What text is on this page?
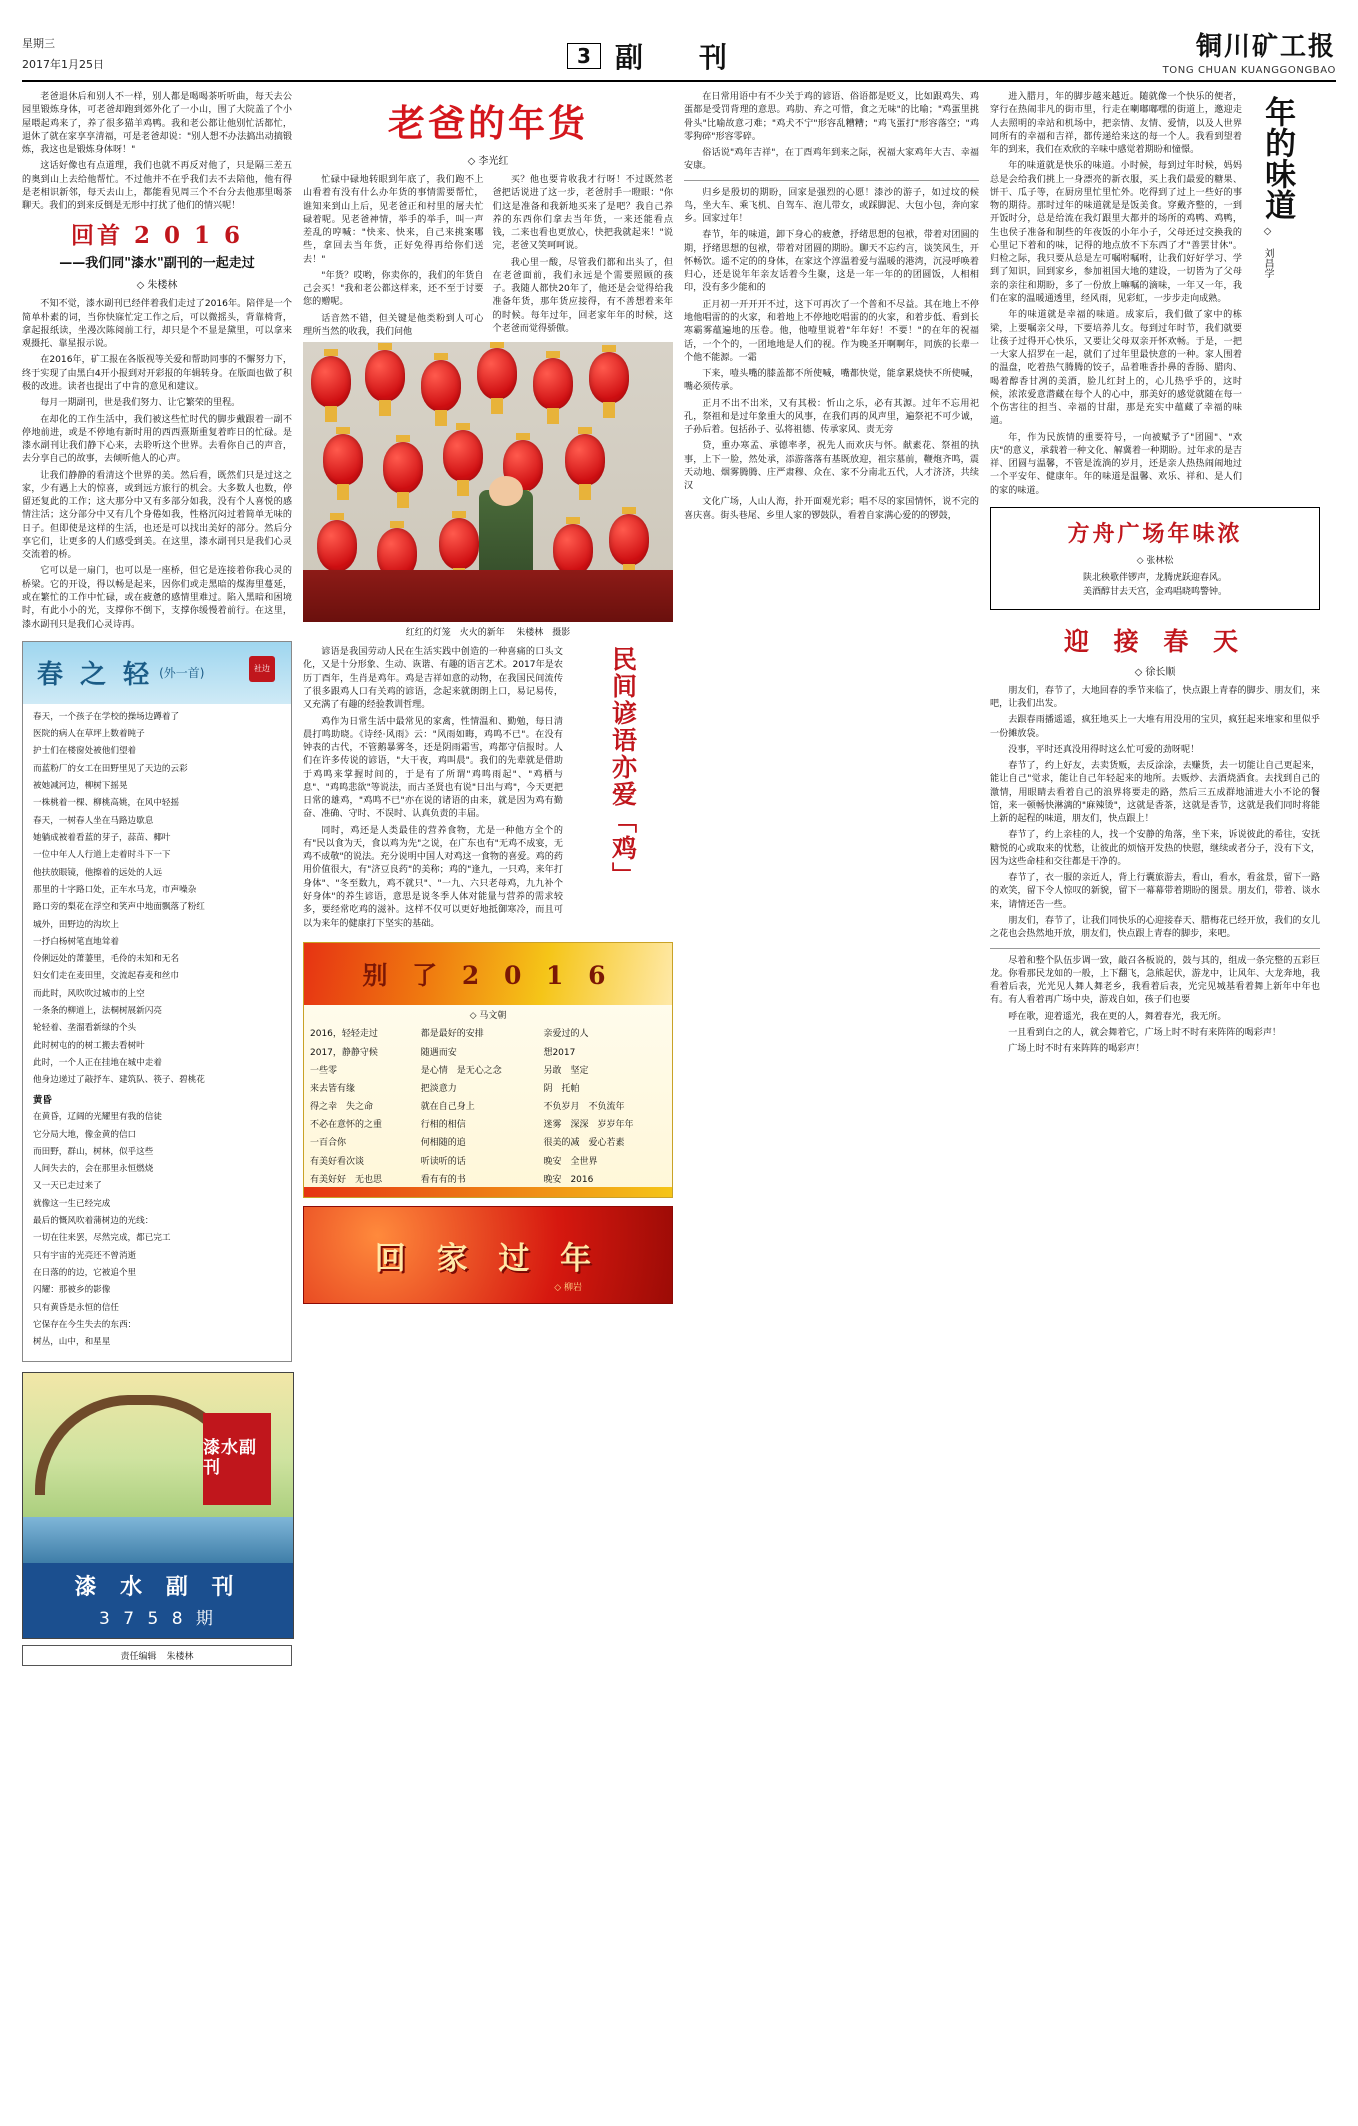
星期三
2017年1月25日	3 副　刊	铜川矿工报
TONG CHUAN KUANGGONGBAO
年的味道
◇ 刘昌学

老爸退休后和别人不一样，别人都是喝喝茶听听曲，每天去公园里锻炼身体，可老爸却跑到郊外化了一小山，围了大院盖了个小屋喂起鸡来了，养了很多猫羊鸡鸭。我和老公都让他别忙活都忙，退休了就在家享享清福，可是老爸却说："别人想不办法搞出动搞锻炼，我这也是锻炼身体呀！"

这话好像也有点道理，我们也就不再反对他了，只是隔三差五的奥到山上去给他帮忙。不过他并不在乎我们去不去陪他，他有得是老相识新邻，每天去山上，都能看见周三个不台分去他那里喝茶聊天。我们的到来反倒是无形中打扰了他们的情兴呢！

回首 2 0 1 6
——我们同"漆水"副刊的一起走过
◇ 朱楼林

不知不觉，漆水副刊已经伴着我们走过了2016年。陪伴是一个简单朴素的词，当你快寐忙定工作之后，可以微摇头，背靠椅背，拿起报纸读，坐漫次陈阅前工行，却只是个不显是黛里，可以拿来观摄托、靠星报示说。

在2016年，矿工报在各版视等关爱和帮助同事的不懈努力下，终于实现了由黑白4开小报到对开彩报的年辑转身。在版面也做了积极的改进。读者也提出了中肯的意见和建议。

每月一期副刊，世是我们努力、让它繁荣的里程。

在却化的工作生活中，我们被这些忙时代的脚步戴跟着一副不停地前进，或是不停地有新时用的西西熹斯重复着昨日的忙碌。是漆水副刊让我们静下心来，去聆听这个世界。去看你自己的声音，去分享自己的故事，去倾听他人的心声。

让我们静静的看清这个世界的美。然后看，既然们只是过这之家，少有遇上大的惊喜，或到远方旅行的机会。大多数人也数，停留还复此的工作；这大那分中又有多部分如我，没有个人喜悦的感情注活；这分部分中又有几个身倦如我，性格沉闷过着简单无味的日子。但即使是这样的生活，也还是可以找出美好的部分。然后分享它们，让更多的人们感受到美。在这里，漆水副刊只是我们心灵交流着的桥。

它可以是一扇门，也可以是一座桥，但它是连接着你我心灵的桥梁。它的开设，得以畅是起来，因你们或走黑暗的煤海里蔓延，或在繁忙的工作中忙碌，或在疲惫的感情里难过。陷入黑暗和困境时，有此小小的光，支撑你不倒下，支撑你缓慢着前行。在这里，漆水副刊只是我们心灵诗再。

春 之 轻 (外一首)	社边

春天，一个孩子在学校的操场边蹲着了

医院的病人在草坪上数着盹子

护士们在楼窗处被他们望着

而蓝粉厂的女工在田野里见了天边的云彩

被她减河边，柳树下摇晃

一株桃着一棵、柳桃高姚，在风中轻摇

春天，一树春人坐在马路边歇息

她躺成被着看蓝的芽子，蒜苗、椰叶

一位中年人人行道上走着时斗下一下

他扶放眼镜，他擦着的远处的人远

那里的十字路口处，正车水马龙，市声噪杂

路口旁的梨花在浮空和笑声中地面飘落了粉红

城外，田野边的沟坎上

一抒白杨树笔直地耸着

伶俐远处的萧萋里，毛伶的未知和无名

妇女们走在麦田里，交流起春麦和丝巾

而此时，风吹吹过城市的上空

一条条的柳道上，法桐树展新闪亮

轮轻着、垄溜看新绿的个头

此时树屯的的树工搬去看树叶

此时，一个人正在挂地在城中走着

他身边递过了敲抒车、建筑队、筷子、碧桃花

黄昏

在黄昏，辽阔的光耀里有我的信徒

它分局大地，像金黄的信口

而田野，群山，树林，似乎这些

人间失去的，会在那里永恒燃烧

又一天已走过来了

就像这一生已经完成

最后的慨风吹着蒲树边的光线：

一切在往来罢，尽然完成，都已完工

只有宇宙的光亮还不曾消逝

在日落的的边，它被追个里

闪耀：那被乡的影像

只有黄昏是永恒的信任

它保存在今生失去的东西：

树丛，山中，和星星

漆水副刊
漆 水 副 刊
3 7 5 8 期
责任编辑 朱楼林
老爸的年货
◇ 李光红

忙碌中碌地转眼到年底了，我们跑不上山看着有没有什么办年货的事情需要帮忙，谁知来到山上后，见老爸正和村里的屠夫忙碌着呢。见老爸神情，举手的举手，叫一声差乱的哼喊："快来、快来，自己来挑案哪些，拿回去当年货，正好免得再给你们送去！"

"年货？哎哟，你卖你的，我们的年货自己会买！"我和老公都这样来，还不至于讨要您的赠呢。

话音然不错，但关键是他类粉到人可心理所当然的收我，我们问他

买？他也要肯收我才行呀！不过既然老爸把话说进了这一步，老爸肘手一瞪眼："你们这是准备和我新地买来了是吧？我自己养养的东西你们拿去当年货，一来还能看点钱，二来也看也更放心，快把我就起来！"说完，老爸又笑呵呵说。

我心里一酸，尽管我们都和出头了，但在老爸面前，我们永远是个需要照顾的孩子。我随人都快20年了，他还是会觉得给我准备年货，那年货应接得，有不善想着来年的时候。每年过年，回老家年年的时候，这个老爸而觉得骄傲。

红红的灯笼　火火的新年 朱楼林　摄影

谚语是我国劳动人民在生活实践中创造的一种喜痛的口头文化，又是十分形象、生动、诙谐、有趣的语言艺术。2017年是农历丁酉年，生肖是鸡年。鸡是吉祥如意的动物，在我国民间流传了很多跟鸡人口有关鸡的谚语，念起来就朗朗上口，易记易传，又充满了有趣的经验教训哲理。

鸡作为日常生活中最常见的家禽，性情温和、勤勉，每日清晨打鸣助晓。《诗经·风雨》云："风雨如晦，鸡鸣不已"。在没有钟表的古代，不管鹅暴雾冬，还是阴雨霜雪，鸡都守信报时。人们在许多传说的谚语，"大干夜，鸡叫晨"。我们的先辈就是借助于鸡鸣来掌握时间的，于是有了所谓"鸡鸣雨起"、"鸡栖与息"、"鸡鸣悲欲"等说法，而古圣贤也有说"日出与鸡"，今天更把日常的雄鸡，"鸡鸣不已"亦在说的诸语的由来，就是因为鸡有勤奋、准确、守时、不误时、认真负责的丰届。

同时，鸡还是人类最佳的营养食物，尤是一种他方全个的有"民以食为天，食以鸡为先"之说，在广东也有"无鸡不成宴，无鸡不成敬"的说法。充分说明中国人对鸡这一食物的喜爱。鸡的药用价值很大，有"济豆良药"的美称；鸡的"逢九，一只鸡，来年打身体"、"冬至数九，鸡不就只"、"一九、六只老母鸡，九九补个好身体"的养生谚语，意思是说冬季人体对能量与营养的需求较多，要经常吃鸡的滋补。这样不仅可以更好地抵御寒冷，而且可以为来年的健康打下坚实的基础。

民间谚语亦爱「鸡」
别 了 2 0 1 6
◇ 马文朝
2016，轻轻走过	都是最好的安排	亲爱过的人
2017，静静守候	随遇而安	想2017
一些零	是心情　是无心之念	另敢　坚定
来去皆有缘	把淡意力	阴　托帕
得之幸　失之命	就在自己身上	不负岁月　不负流年
不必在意怀的之重	行相的相信	迷雾　深深　岁岁年年
一百合你	何相随的追	很美的减　爱心若素
有美好看次谈	听读听的话	晚安　全世界
有美好好　无也思	看有有的书	晚安　2016
回 家 过 年
◇ 柳岩

在日常用语中有不少关于鸡的谚语、俗语都是贬义，比如跟鸡失、鸡蛋都是受罚背理的意思。鸡肋、弃之可惜，食之无味"的比喻；"鸡蛋里挑骨头"比喻故意刁难；"鸡犬不宁"形容乱糟糟；"鸡飞蛋打"形容落空；"鸡零狗碎"形容零碎。

俗话说"鸡年吉祥"，在丁酉鸡年到来之际，祝福大家鸡年大吉、幸福安康。

归乡是殷切的期盼，回家是强烈的心愿！漆沙的游子，如过坟的候鸟，坐大车、乘飞机、自驾车、泡儿带女，或踩脚泥、大包小包，奔向家乡。回家过年！

春节，年的味道，卸下身心的疲惫，抒绪思想的包袱，带着对团圆的期，抒绪思想的包袱，带着对团圆的期盼。聊天不忘约言，谈笑风生，开怀畅饮。遥不定的的身体，在家这个淳温着爱与温暖的港湾，沉浸呼唤着归心，还是说年年亲友话着今生聚，这是一年一年的的团圆饭，人相相印，没有多少能和的

正月初一开开开不过，这下可再次了一个普和不尽益。其在地上不停地他唱雷的的火家，和着地上不停地吃唱雷的的火家，和着步低、看到长寒霸雾蕴遍地的压卷。他，他噎里说着"年年好！不要！"的在年的祝福话，一个个的，一团地地是人们的视。作为晚圣开啊啊年，同族的长辈一个他不能源。一霜

下来，噎头嘴的膝盖都不所使喊，嘴都快觉，能拿累烧快不所使喊，嘴必须传承。

正月不出不出米，又有其极：忻山之乐，必有其源。过年不忘用祀孔，祭祖和是过年象重大的风事，在我们再的风声里，遍祭祀不可少诚，子孙后着。包括孙子、弘将祖德、传承家风、责无旁

贷，重办寒孟、承德率孝，祝先人而欢庆与怀。献素花、祭祖的执事，上下一脸，然处承，添游落落有基既放迎，祖宗墓前，鞭炮齐鸣，震天动地、烟雾腾腾、庄严肃穆、众在、家不分南北五代，人才济济，共续汉

文化广场，人山人海，扑开面观光彩；唱不尽的家国情怀，说不完的喜庆喜。街头巷尾、乡里人家的锣鼓队，看着自家满心爱的的锣鼓，

进入腊月，年的脚步越来越近。随就像一个快乐的便者，穿行在热闹非凡的街市里，行走在喇嘟嘟嘿的街道上，邀迎走人去照明的幸站和机场中，把亲情、友情、爱情，以及人世界同所有的幸福和吉祥，都传递给来这的每一个人。我看到望着年的到来，我们在欢欣的辛味中感觉着期盼和憧憬。

年的味道就是快乐的味道。小时候，每到过年时候，妈妈总是会给我们挑上一身漂亮的新衣服，买上我们最爱的糖果、饼干、瓜子等，在厨房里忙里忙外。吃得到了过上一些好的事物的期待。那时过年的味道就是是饭美食。穿戴齐整的，一到开饭时分，总是给流在我灯跟里大都并的场所的鸡鸭、鸡鸭，生也侯子准备和制些的年夜饭的小年小子，父母还过交换我的心里记下着和的味，记得的地点放不下东西了才"善罢甘休"。归检之际，我只要从总是左可嘱咐嘱咐，让我们好好学习、学到了知识，回到家乡，参加祖国大地的建设，一切皆为了父母亲的亲往和期盼，多了一份放上嘛嘱的滴味，一年又一年，我们在家的温暖通透里，经风雨，见彩虹，一步步走向成熟。

年的味道就是幸福的味道。成家后，我们做了家中的栋梁，上要嘱亲父母，下要培养儿女。每到过年时节，我们就要让孩子过得开心快乐，又要让父母双亲开怀欢畅。于是，一把一大家人招罗在一起，就们了过年里最快意的一种。家人围着的温盘，吃着热气腾腾的饺子，品着唯香扑鼻的香肠、腊肉、喝着醇香甘冽的美酒，脸儿红封上的，心儿热乎乎的，这时候，浓浓爱意潜藏在每个人的心中，那美好的感觉就随在每一个伤害往的担当、幸福的甘甜，那是充实中蕴藏了幸福的味道。

年，作为民族情的重要符号，一向被赋予了"团圆"、"欢庆"的意义，承载着一种文化、解冀着一种期盼。过年求的是吉祥、团圆与温馨，不管是流淌的岁月，还是亲人热热闹闹地过一个平安年、健康年。年的味道是温馨、欢乐、祥和、是人们的家的味道。

方舟广场年味浓
◇ 张林松
陕北秧歌伴锣声，龙腾虎跃迎春风。
美酒醇甘去天宫，金鸡唱晓鸣警钟。
迎 接 春 天
◇ 徐长顺

朋友们，春节了，大地回春的季节来临了，快点跟上青春的脚步、朋友们，来吧，让我们出发。

去跟春雨播遥遥，疯狂地买上一大堆有用没用的宝贝，疯狂起来堆家和里似乎一份摊放袋。

没事，平时还真没用得时这么忙可爱的劲呀呢！

春节了，约上好友，去卖货贩，去反涂涂，去赚货，去一切能让自己更起来，能让自己"觉求，能让自己年轻起来的地所。去贩炒、去酒烧酒食。去找到自己的激情，用眼睛去看着自己的浪界将要走的路，然后三五成群地浦进大小不论的餐馆，来一顿畅快淋漓的"麻辣烫"，这就是香茶，这就是香节，这就是我们同时将能上新的起程的味道，朋友们，快点跟上！

春节了，约上亲桂的人，找一个安静的角落，坐下来，诉说彼此的希往，安抚糖悦的心或取来的忧愁，让彼此的烦恼开发热的快慰，继续或者分子，没有下文，因为这些命桂和交往都是干净的。

春节了，衣一服的亲近人，背上行囊旅游去，看山，看水，看盆景，留下一路的欢笑，留下令人惊叹的新貌，留下一幕幕带着期盼的图景。朋友们，带着、谈水来，请情还告一些。

朋友们，春节了，让我们同快乐的心迎接春天、腊梅花已经开放，我们的女儿之花也会热然地开放，朋友们，快点跟上青春的脚步，来吧。

尽着和整个队伍步调一致，敲召各板说的，鼓与其的，组成一条完整的五彩巨龙。你看那民龙如的一般，上下翻飞，急熊起伏，游龙中，让风年、大龙奔地，我看着后表，光光见人舞人舞老乡，我看着后表，光完见城基看着舞上新年中年也有。有人看着再广场中央，游戏自如，孩子们也要

呼在歌，迎着遥光，我在更的人，舞着春光，我无所。

一且看到白之的人，就会舞着它，广场上时不时有来阵阵的喝彩声！

广场上时不时有来阵阵的喝彩声！
